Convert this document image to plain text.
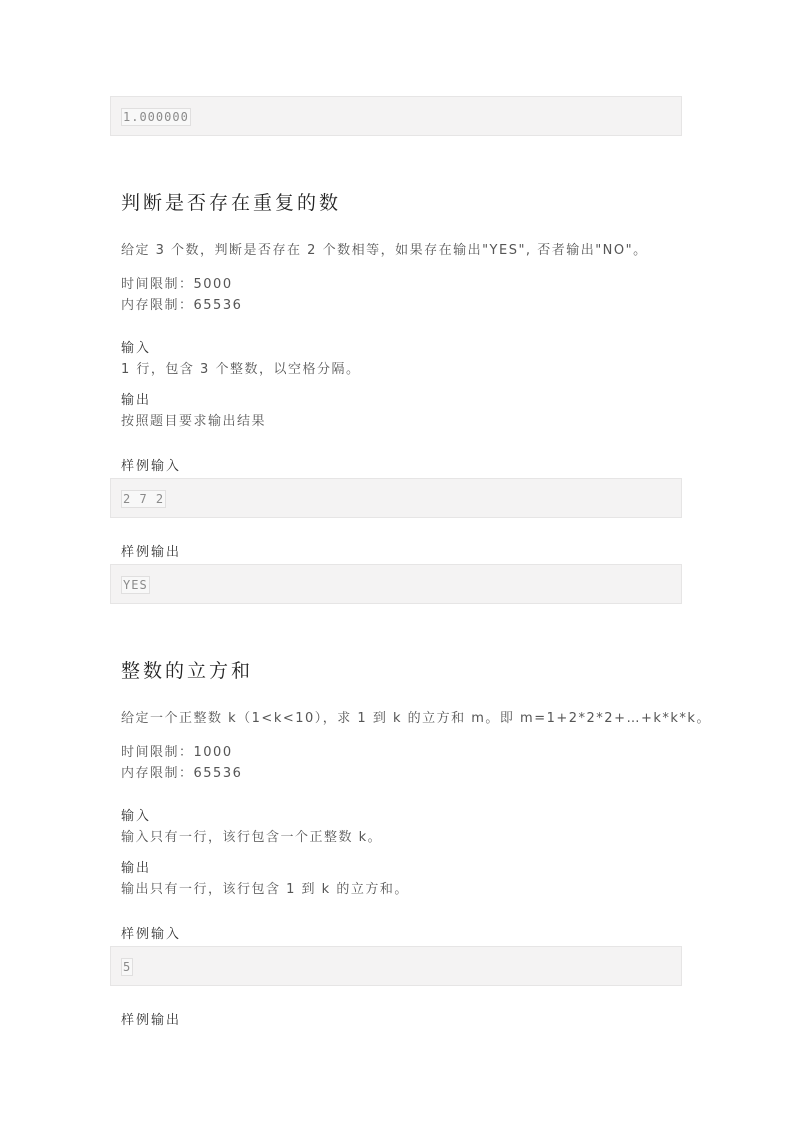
1.000000
判断是否存在重复的数
给定 3 个数，判断是否存在 2 个数相等，如果存在输出"YES", 否者输出"NO"。
时间限制：5000
内存限制：65536
输入
1 行，包含 3 个整数，以空格分隔。
输出
按照题目要求输出结果
样例输入
2 7 2
样例输出
YES
整数的立方和
给定一个正整数 k（1<k<10），求 1 到 k 的立方和 m。即 m=1+2*2*2+…+k*k*k。
时间限制：1000
内存限制：65536
输入
输入只有一行，该行包含一个正整数 k。
输出
输出只有一行，该行包含 1 到 k 的立方和。
样例输入
5
样例输出
